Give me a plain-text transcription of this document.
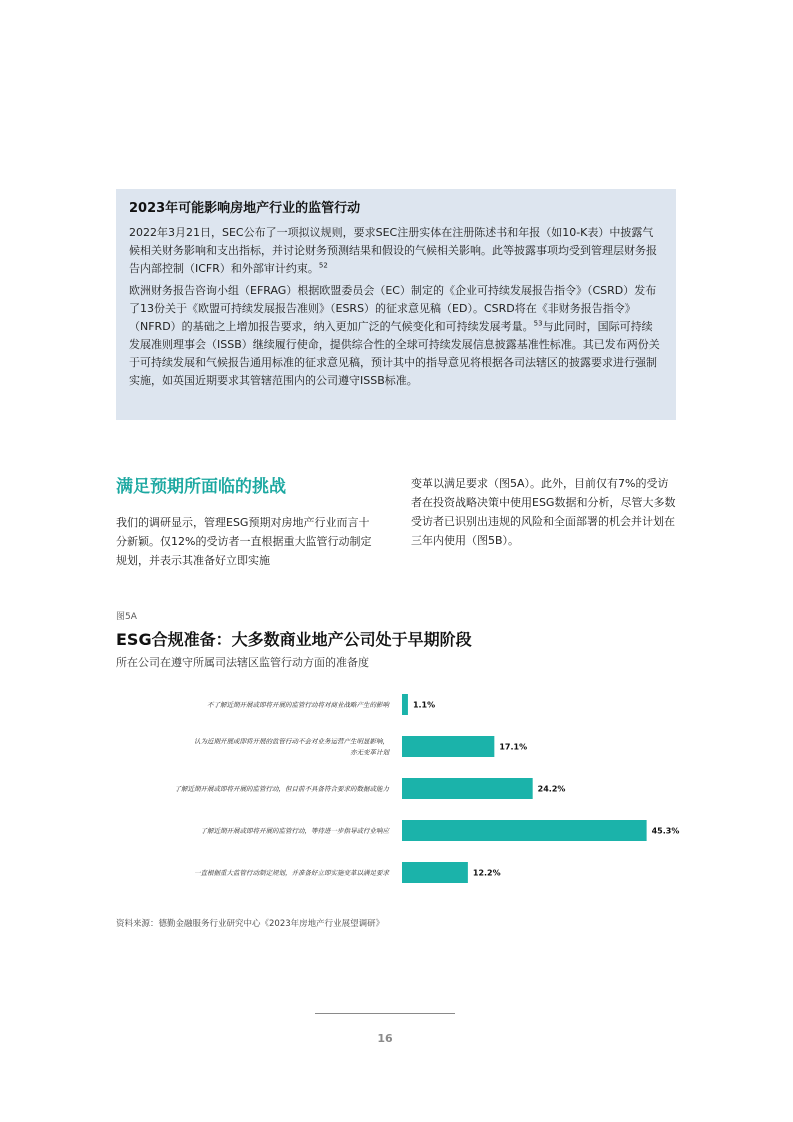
2023年可能影响房地产行业的监管行动

2022年3月21日，SEC公布了一项拟议规则，要求SEC注册实体在注册陈述书和年报（如10-K表）中披露气候相关财务影响和支出指标，并讨论财务预测结果和假设的气候相关影响。此等披露事项均受到管理层财务报告内部控制（ICFR）和外部审计约束。$^{52}$

欧洲财务报告咨询小组（EFRAG）根据欧盟委员会（EC）制定的《企业可持续发展报告指令》（CSRD）发布了13份关于《欧盟可持续发展报告准则》（ESRS）的征求意见稿（ED）。CSRD将在《非财务报告指令》（NFRD）的基础之上增加报告要求，纳入更加广泛的气候变化和可持续发展考量。$^{53}$与此同时，国际可持续发展准则理事会（ISSB）继续履行使命，提供综合性的全球可持续发展信息披露基准性标准。其已发布两份关于可持续发展和气候报告通用标准的征求意见稿，预计其中的指导意见将根据各司法辖区的披露要求进行强制实施，如英国近期要求其管辖范围内的公司遵守ISSB标准。

满足预期所面临的挑战

我们的调研显示，管理ESG预期对房地产行业而言十分新颖。仅12%的受访者一直根据重大监管行动制定规划，并表示其准备好立即实施

变革以满足要求（图5A）。此外，目前仅有7%的受访者在投资战略决策中使用ESG数据和分析，尽管大多数受访者已识别出违规的风险和全面部署的机会并计划在三年内使用（图5B）。

图5A
ESG合规准备：大多数商业地产公司处于早期阶段
所在公司在遵守所属司法辖区监管行动方面的准备度
1.1%
不了解近期开展或即将开展的监管行动将对商业战略产生的影响
17.1%
认为近期开展或即将开展的监管行动不会对业务运营产生明显影响，
亦无变革计划
24.2%
了解近期开展或即将开展的监管行动，但目前不具备符合要求的数据或能力
45.3%
了解近期开展或即将开展的监管行动，等待进一步指导或行业响应
12.2%
一直根据重大监管行动制定规划，并准备好立即实施变革以满足要求
资料来源：德勤金融服务行业研究中心《2023年房地产行业展望调研》
16
